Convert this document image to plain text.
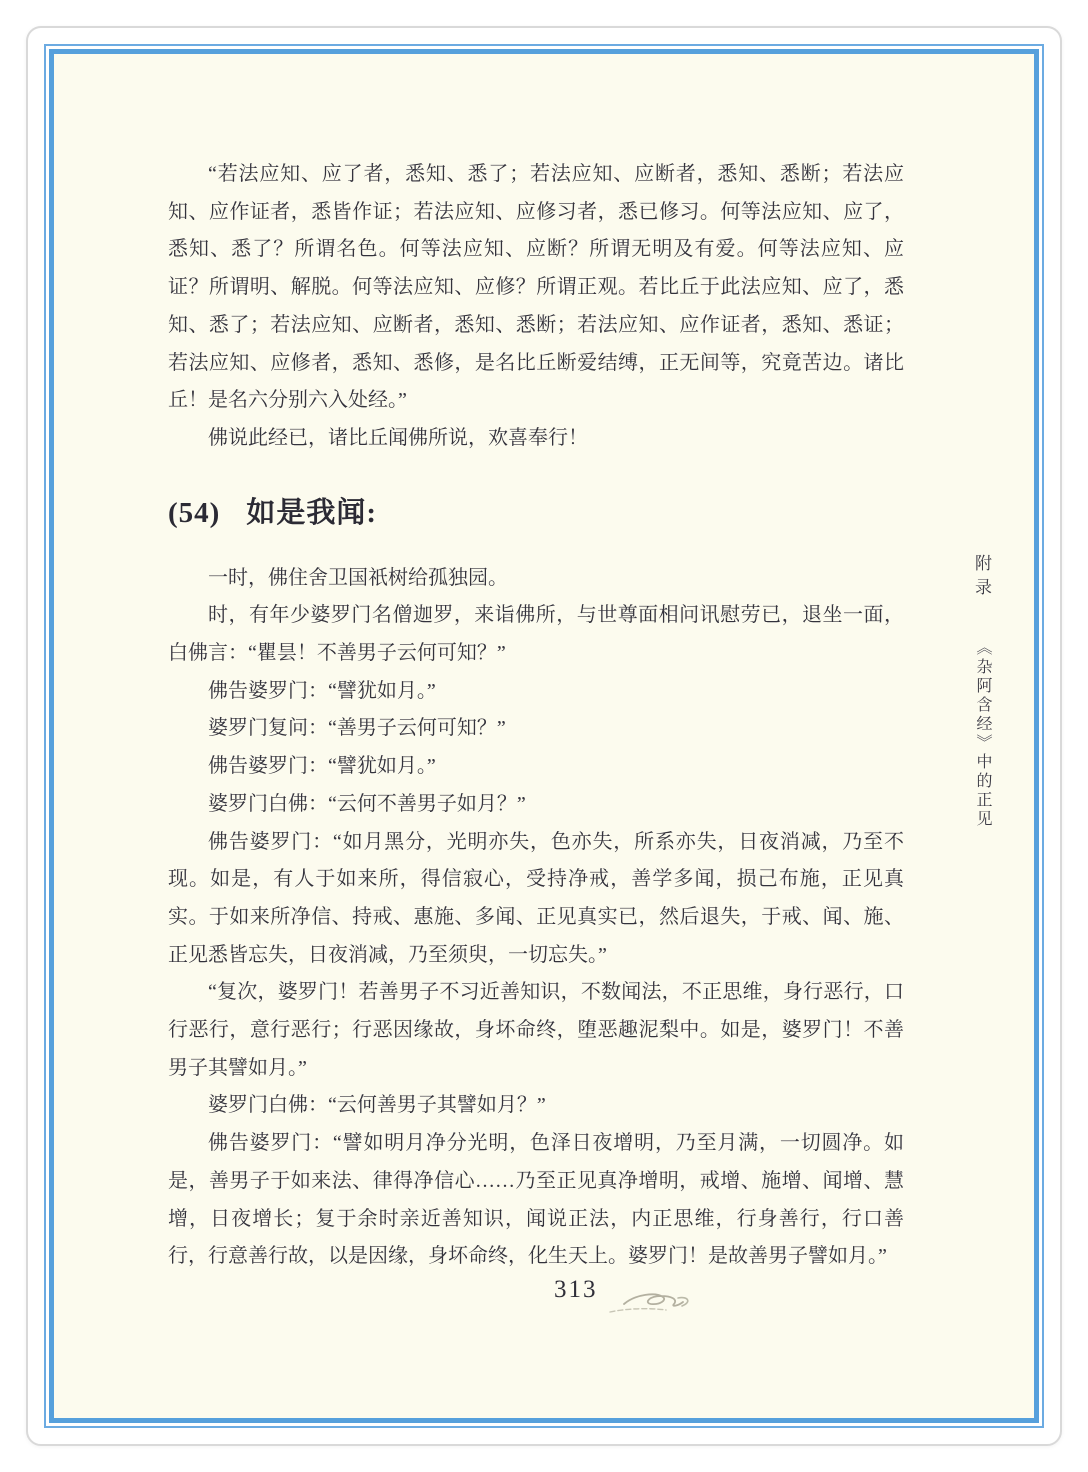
“若法应知、应了者，悉知、悉了；若法应知、应断者，悉知、悉断；若法应知、应作证者，悉皆作证；若法应知、应修习者，悉已修习。何等法应知、应了，悉知、悉了？所谓名色。何等法应知、应断？所谓无明及有爱。何等法应知、应证？所谓明、解脱。何等法应知、应修？所谓正观。若比丘于此法应知、应了，悉知、悉了；若法应知、应断者，悉知、悉断；若法应知、应作证者，悉知、悉证；若法应知、应修者，悉知、悉修，是名比丘断爱结缚，正无间等，究竟苦边。诸比丘！是名六分别六入处经。”

佛说此经已，诸比丘闻佛所说，欢喜奉行！

(54) 如是我闻:

一时，佛住舍卫国祇树给孤独园。

时，有年少婆罗门名僧迦罗，来诣佛所，与世尊面相问讯慰劳已，退坐一面，白佛言：“瞿昙！不善男子云何可知？”

佛告婆罗门：“譬犹如月。”

婆罗门复问：“善男子云何可知？”

佛告婆罗门：“譬犹如月。”

婆罗门白佛：“云何不善男子如月？”

佛告婆罗门：“如月黑分，光明亦失，色亦失，所系亦失，日夜消减，乃至不现。如是，有人于如来所，得信寂心，受持净戒，善学多闻，损己布施，正见真实。于如来所净信、持戒、惠施、多闻、正见真实已，然后退失，于戒、闻、施、正见悉皆忘失，日夜消减，乃至须臾，一切忘失。”

“复次，婆罗门！若善男子不习近善知识，不数闻法，不正思维，身行恶行，口行恶行，意行恶行；行恶因缘故，身坏命终，堕恶趣泥梨中。如是，婆罗门！不善男子其譬如月。”

婆罗门白佛：“云何善男子其譬如月？”

佛告婆罗门：“譬如明月净分光明，色泽日夜增明，乃至月满，一切圆净。如是，善男子于如来法、律得净信心……乃至正见真净增明，戒增、施增、闻增、慧增，日夜增长；复于余时亲近善知识，闻说正法，内正思维，行身善行，行口善行，行意善行故，以是因缘，身坏命终，化生天上。婆罗门！是故善男子譬如月。”

附录
《杂阿含经》中的正见
313
